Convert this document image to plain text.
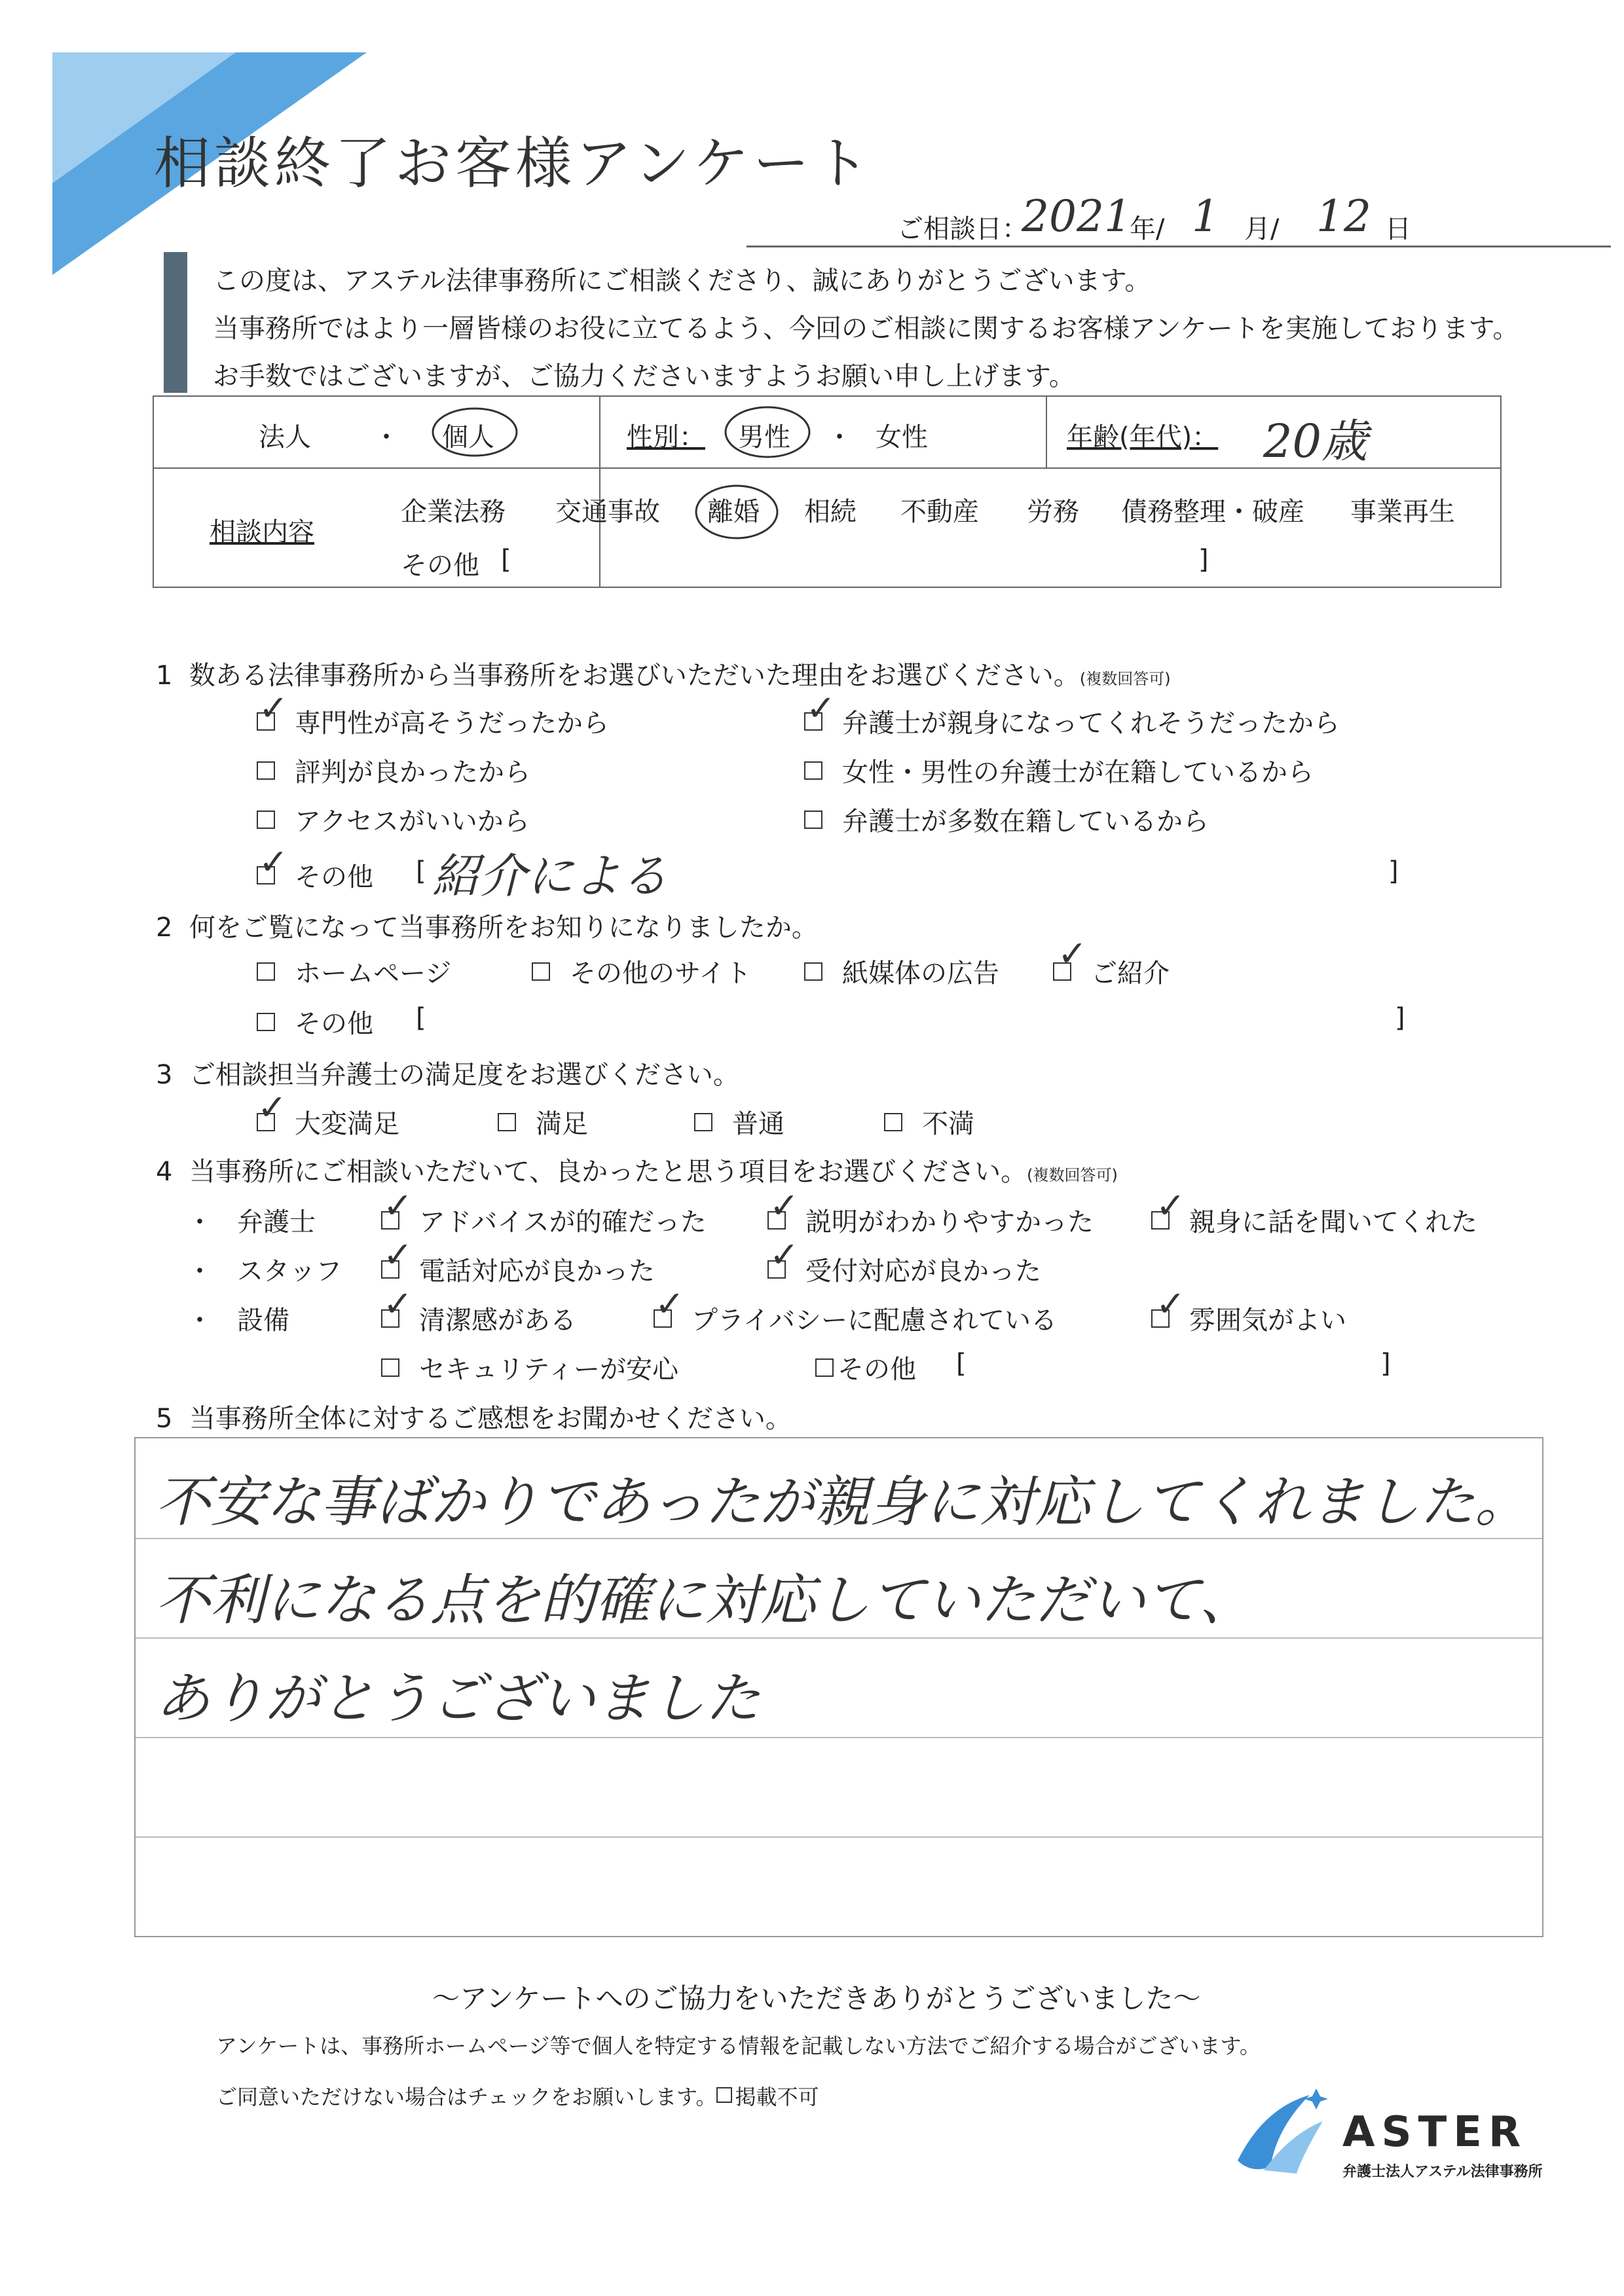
相談終了お客様アンケート
ご相談日：
2021
年/ 1 月/ 12 日

この度は、アステル法律事務所にご相談くださり、誠にありがとうございます。

当事務所ではより一層皆様のお役に立てるよう、今回のご相談に関するお客様アンケートを実施しております。

お手数ではございますが、ご協力くださいますようお願い申し上げます。

法人 ・ 個人	性別： 男性 ・ 女性	年齢(年代)： 20歳

相談内容		

企業法務 交通事故 離婚 相続 不動産 労務 債務整理・破産 事業再生
その他 [	]
1 数ある法律事務所から当事務所をお選びいただいた理由をお選びください。(複数回答可)
専門性が高そうだったから
✓	弁護士が親身になってくれそうだったから
✓
評判が良かったから	女性・男性の弁護士が在籍しているから
アクセスがいいから	弁護士が多数在籍しているから
その他
✓	[ 紹介による	]
2 何をご覧になって当事務所をお知りになりましたか。
ホームページ	その他のサイト	紙媒体の広告	ご紹介
✓
その他 [	]
3 ご相談担当弁護士の満足度をお選びください。
大変満足
✓	満足	普通	不満
4 当事務所にご相談いただいて、良かったと思う項目をお選びください。(複数回答可)
・ 弁護士	アドバイスが的確だった
✓	説明がわかりやすかった
✓	親身に話を聞いてくれた
✓
・ スタッフ	電話対応が良かった
✓	受付対応が良かった
✓
・ 設備	清潔感がある
✓	プライバシーに配慮されている
✓	雰囲気がよい
✓
セキュリティーが安心	その他 [	]
5 当事務所全体に対するご感想をお聞かせください。
不安な事ばかりであったが親身に対応してくれました。
不利になる点を的確に対応していただいて、
ありがとうございました
〜アンケートへのご協力をいただきありがとうございました〜
アンケートは、事務所ホームページ等で個人を特定する情報を記載しない方法でご紹介する場合がございます。
ご同意いただけない場合はチェックをお願いします。 掲載不可
ASTER
弁護士法人アステル法律事務所
